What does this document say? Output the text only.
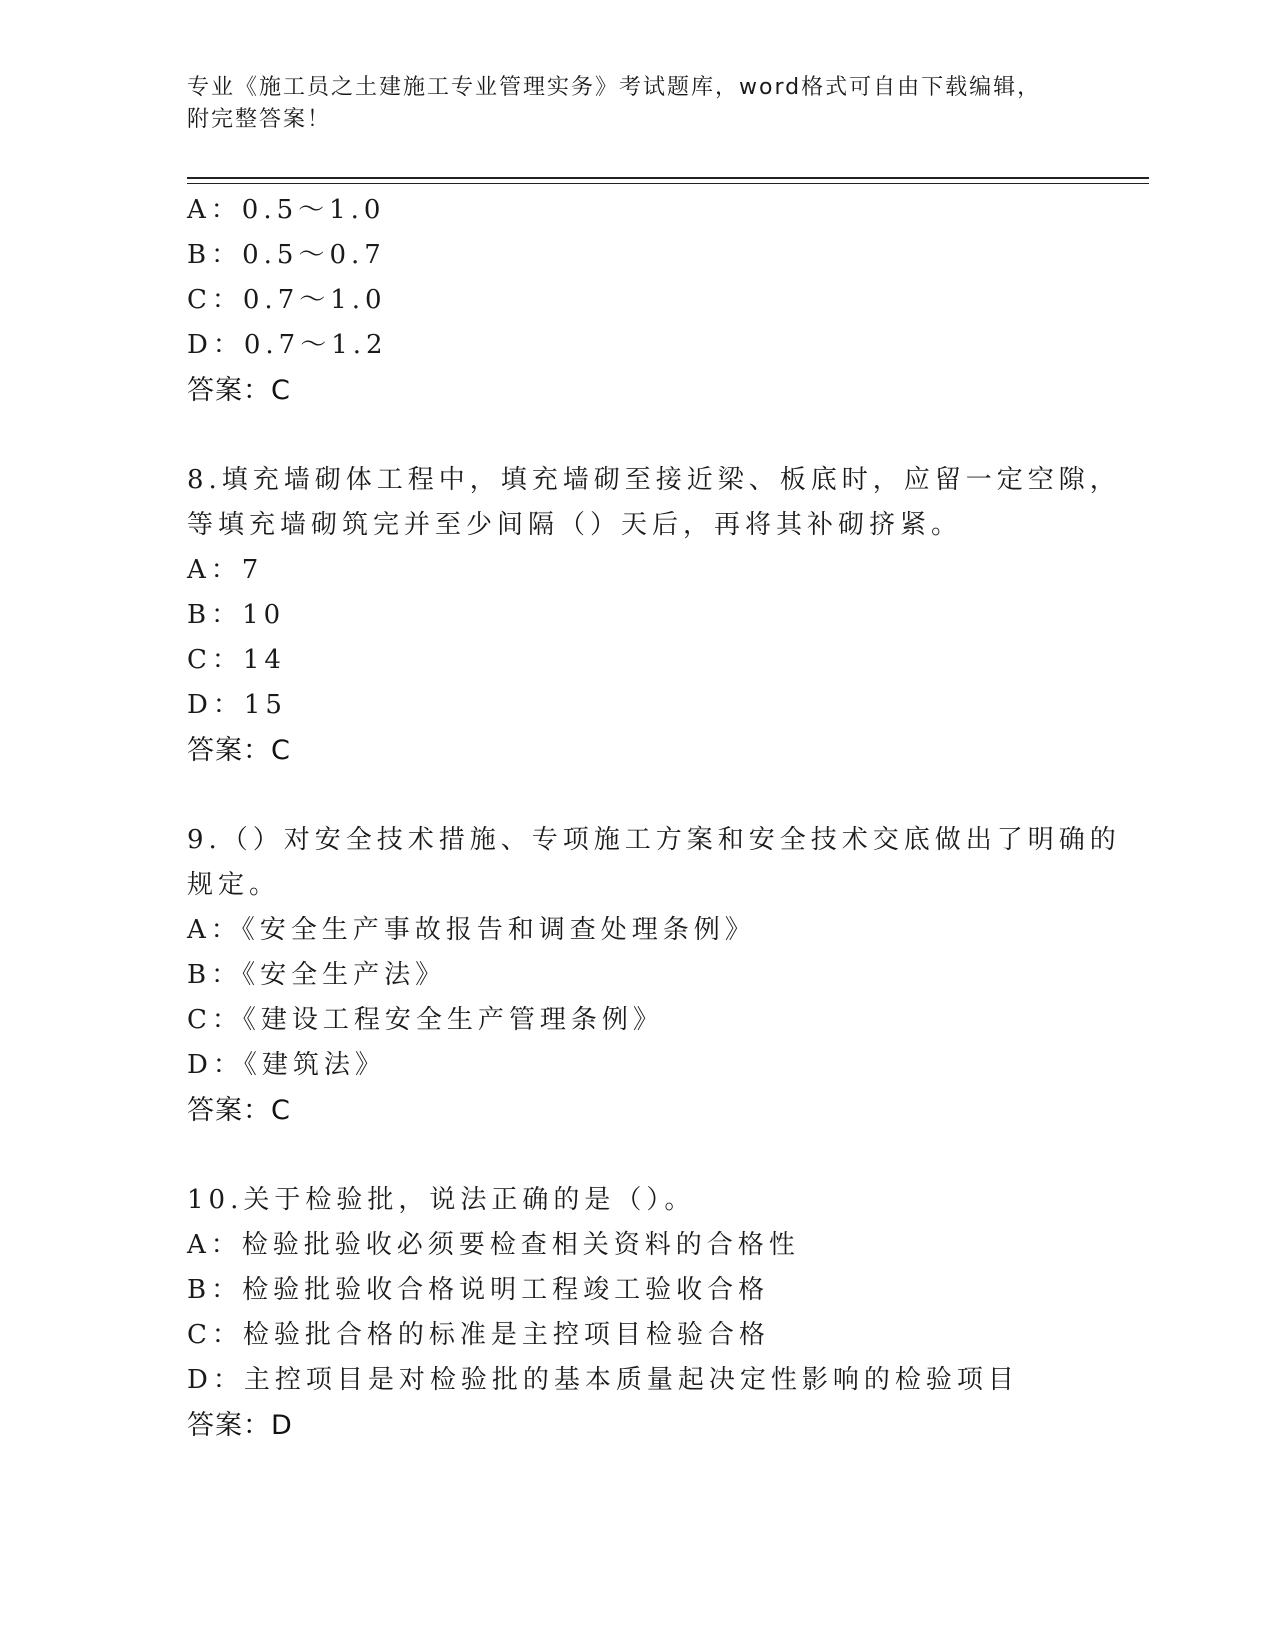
专业《施工员之土建施工专业管理实务》考试题库，word格式可自由下载编辑，
附完整答案！
A：0.5～1.0
B：0.5～0.7
C：0.7～1.0
D：0.7～1.2
答案：C
8.填充墙砌体工程中，填充墙砌至接近梁、板底时，应留一定空隙，
等填充墙砌筑完并至少间隔（）天后，再将其补砌挤紧。
A：7
B：10
C：14
D：15
答案：C
9.（）对安全技术措施、专项施工方案和安全技术交底做出了明确的
规定。
A：《安全生产事故报告和调查处理条例》
B：《安全生产法》
C：《建设工程安全生产管理条例》
D：《建筑法》
答案：C
10.关于检验批，说法正确的是（）。
A：检验批验收必须要检查相关资料的合格性
B：检验批验收合格说明工程竣工验收合格
C：检验批合格的标准是主控项目检验合格
D：主控项目是对检验批的基本质量起决定性影响的检验项目
答案：D
